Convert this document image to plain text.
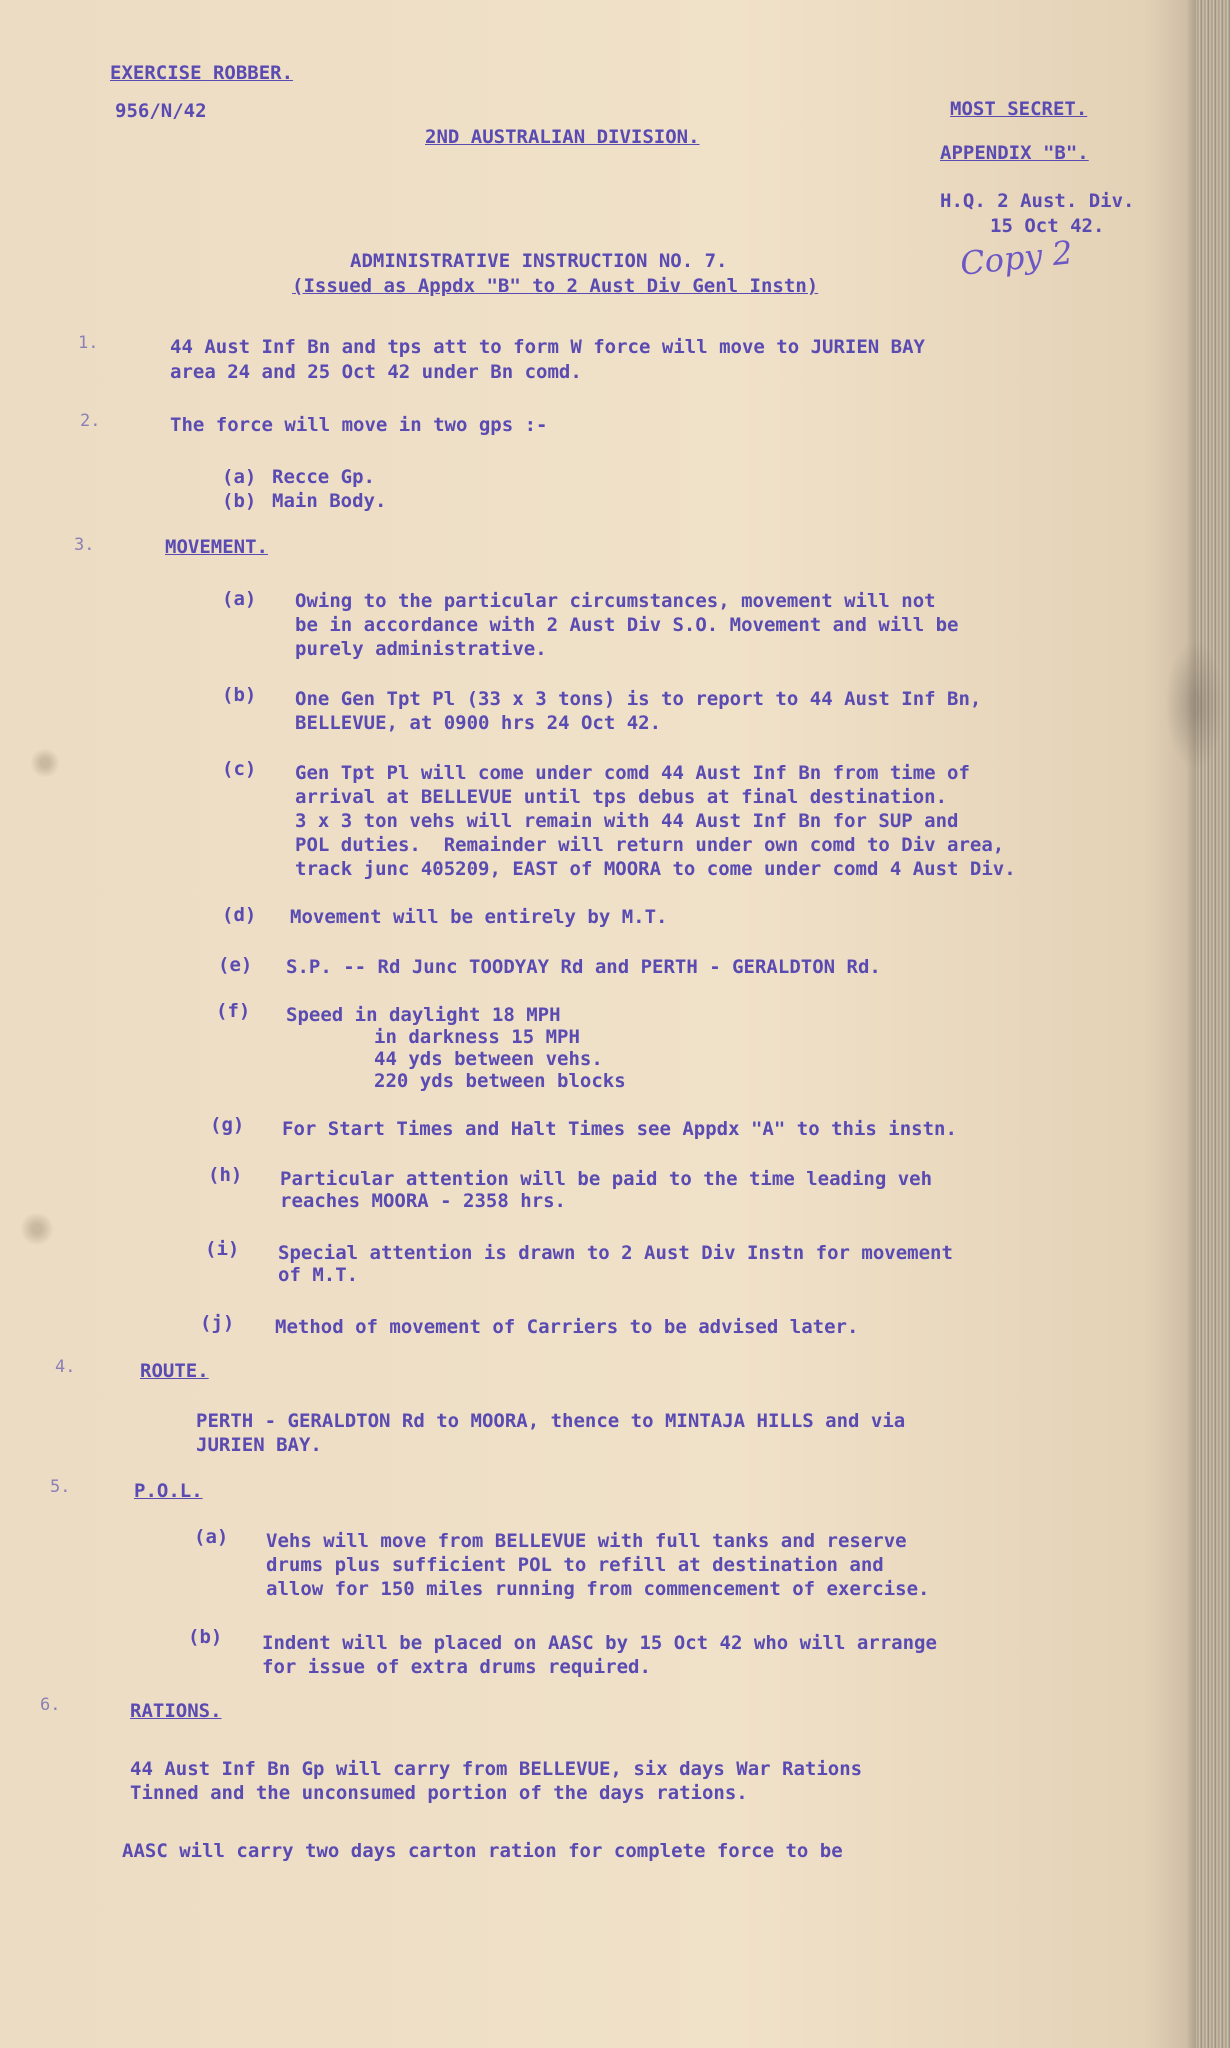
EXERCISE ROBBER.

956/N/42

2ND AUSTRALIAN DIVISION.

MOST SECRET.

APPENDIX "B".

H.Q. 2 Aust. Div.

15 Oct 42.

Copy 2

ADMINISTRATIVE INSTRUCTION NO. 7.

(Issued as Appdx "B" to 2 Aust Div Genl Instn)

1.	44 Aust Inf Bn and tps att to form W force will move to JURIEN BAY

area 24 and 25 Oct 42 under Bn comd.

2.	The force will move in two gps :-

(a) Recce Gp.

(b) Main Body.

3.	MOVEMENT.

(a) Owing to the particular circumstances, movement will not

be in accordance with 2 Aust Div S.O. Movement and will be

purely administrative.

(b) One Gen Tpt Pl (33 x 3 tons) is to report to 44 Aust Inf Bn,

BELLEVUE, at 0900 hrs 24 Oct 42.

(c) Gen Tpt Pl will come under comd 44 Aust Inf Bn from time of

arrival at BELLEVUE until tps debus at final destination.

3 x 3 ton vehs will remain with 44 Aust Inf Bn for SUP and

POL duties.  Remainder will return under own comd to Div area,

track junc 405209, EAST of MOORA to come under comd 4 Aust Div.

(d) Movement will be entirely by M.T.

(e) S.P. -- Rd Junc TOODYAY Rd and PERTH - GERALDTON Rd.

(f) Speed in daylight 18 MPH

in darkness 15 MPH

44 yds between vehs.

220 yds between blocks

(g) For Start Times and Halt Times see Appdx "A" to this instn.

(h) Particular attention will be paid to the time leading veh

reaches MOORA - 2358 hrs.

(i) Special attention is drawn to 2 Aust Div Instn for movement

of M.T.

(j) Method of movement of Carriers to be advised later.

4.	ROUTE.

PERTH - GERALDTON Rd to MOORA, thence to MINTAJA HILLS and via

JURIEN BAY.

5.	P.O.L.

(a) Vehs will move from BELLEVUE with full tanks and reserve

drums plus sufficient POL to refill at destination and

allow for 150 miles running from commencement of exercise.

(b) Indent will be placed on AASC by 15 Oct 42 who will arrange

for issue of extra drums required.

6.	RATIONS.

44 Aust Inf Bn Gp will carry from BELLEVUE, six days War Rations

Tinned and the unconsumed portion of the days rations.

AASC will carry two days carton ration for complete force to be
